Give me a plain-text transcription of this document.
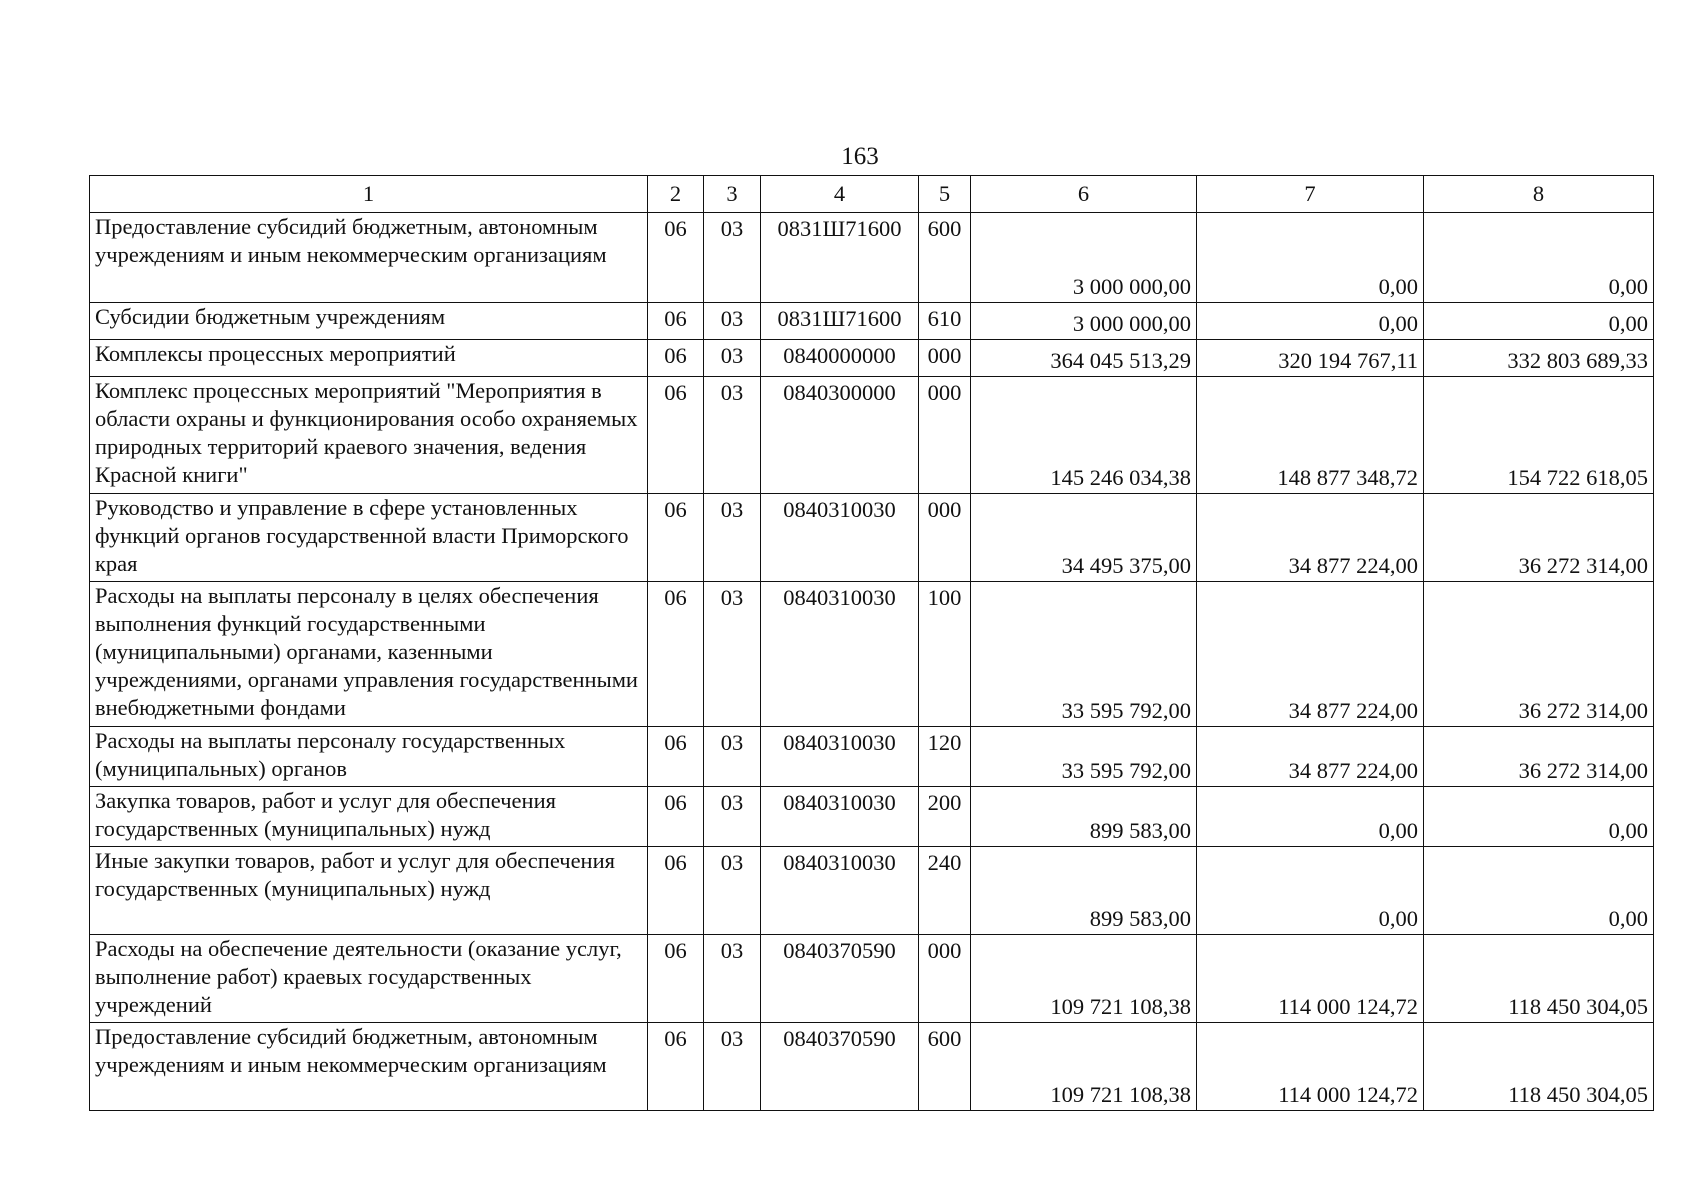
163
1	2	3	4	5	6	7	8
Предоставление субсидий бюджетным, автономным учреждениям и иным некоммерческим организациям	06	03	0831Ш71600	600	3 000 000,00	0,00	0,00
Субсидии бюджетным учреждениям	06	03	0831Ш71600	610	3 000 000,00	0,00	0,00
Комплексы процессных мероприятий	06	03	0840000000	000	364 045 513,29	320 194 767,11	332 803 689,33
Комплекс процессных мероприятий "Мероприятия в области охраны и функционирования особо охраняемых природных территорий краевого значения, ведения Красной книги"	06	03	0840300000	000	145 246 034,38	148 877 348,72	154 722 618,05
Руководство и управление в сфере установленных функций органов государственной власти Приморского края	06	03	0840310030	000	34 495 375,00	34 877 224,00	36 272 314,00
Расходы на выплаты персоналу в целях обеспечения выполнения функций государственными (муниципальными) органами, казенными учреждениями, органами управления государственными внебюджетными фондами	06	03	0840310030	100	33 595 792,00	34 877 224,00	36 272 314,00
Расходы на выплаты персоналу государственных (муниципальных) органов	06	03	0840310030	120	33 595 792,00	34 877 224,00	36 272 314,00
Закупка товаров, работ и услуг для обеспечения государственных (муниципальных) нужд	06	03	0840310030	200	899 583,00	0,00	0,00
Иные закупки товаров, работ и услуг для обеспечения государственных (муниципальных) нужд	06	03	0840310030	240	899 583,00	0,00	0,00
Расходы на обеспечение деятельности (оказание услуг, выполнение работ) краевых государственных учреждений	06	03	0840370590	000	109 721 108,38	114 000 124,72	118 450 304,05
Предоставление субсидий бюджетным, автономным учреждениям и иным некоммерческим организациям	06	03	0840370590	600	109 721 108,38	114 000 124,72	118 450 304,05
